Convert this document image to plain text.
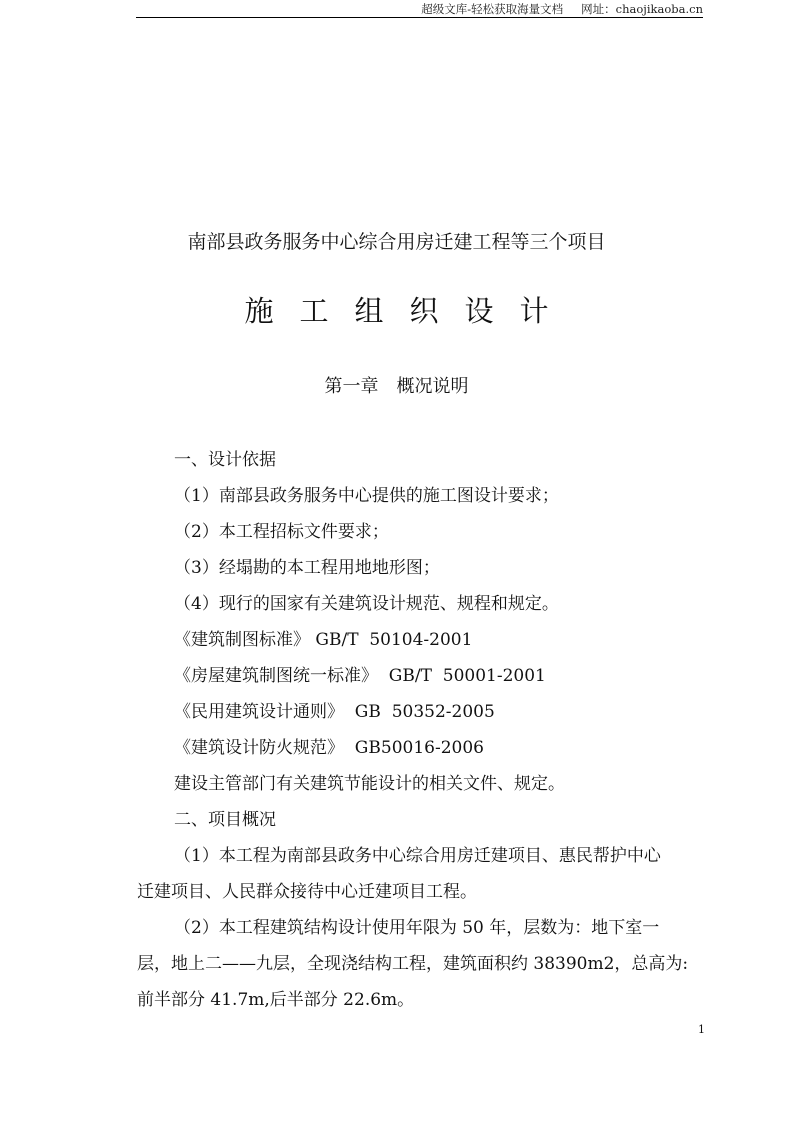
超级文库-轻松获取海量文档 网址：chaojikaoba.cn
南部县政务服务中心综合用房迁建工程等三个项目
施工组织设计
第一章　概况说明
一、设计依据
（1）南部县政务服务中心提供的施工图设计要求；
（2）本工程招标文件要求；
（3）经塌勘的本工程用地地形图；
（4）现行的国家有关建筑设计规范、规程和规定。
《建筑制图标准》 GB/T  50104-2001
《房屋建筑制图统一标准》  GB/T  50001-2001
《民用建筑设计通则》  GB  50352-2005
《建筑设计防火规范》  GB50016-2006
建设主管部门有关建筑节能设计的相关文件、规定。
二、项目概况
（1）本工程为南部县政务中心综合用房迁建项目、惠民帮护中心
迁建项目、人民群众接待中心迁建项目工程。
（2）本工程建筑结构设计使用年限为 50 年，层数为：地下室一
层，地上二——九层，全现浇结构工程，建筑面积约 38390m2，总高为:
前半部分 41.7m,后半部分 22.6m。
1
